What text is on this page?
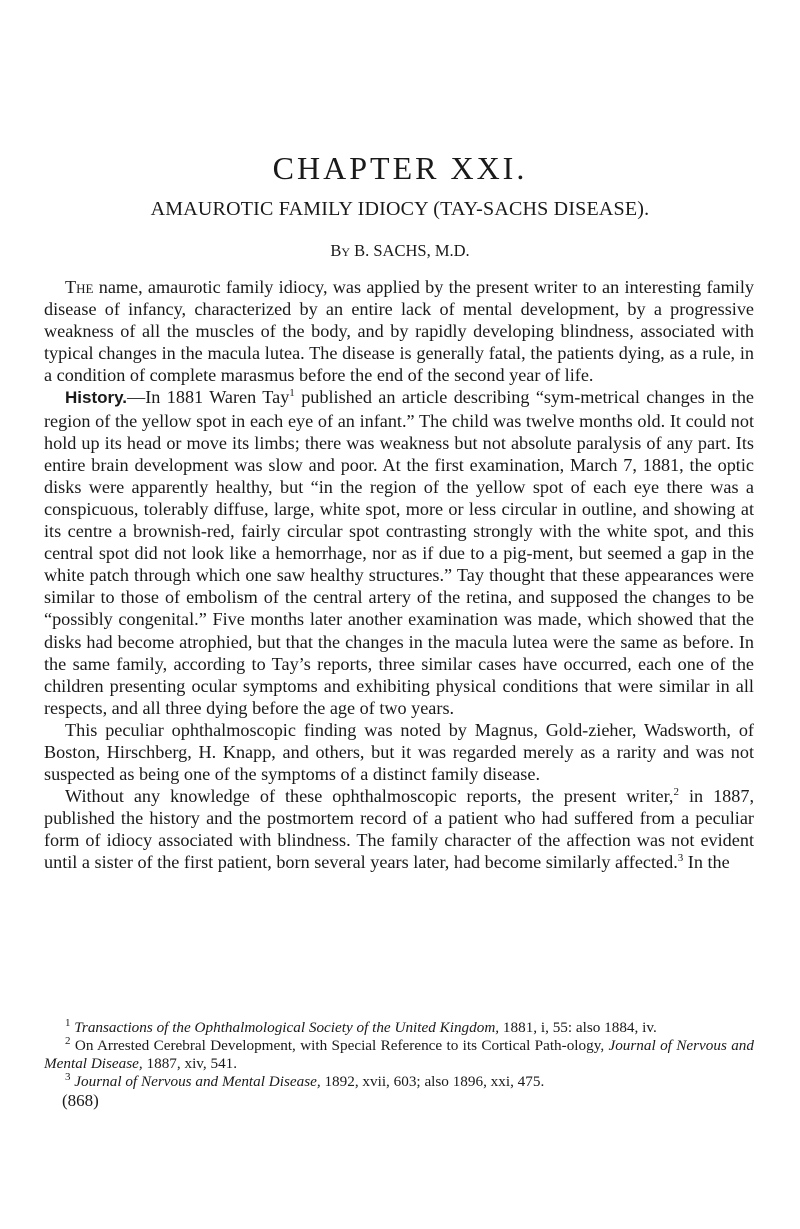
CHAPTER XXI.
AMAUROTIC FAMILY IDIOCY (TAY-SACHS DISEASE).
By B. SACHS, M.D.

The name, amaurotic family idiocy, was applied by the present writer to an interesting family disease of infancy, characterized by an entire lack of mental development, by a progressive weakness of all the muscles of the body, and by rapidly developing blindness, associated with typical changes in the macula lutea. The disease is generally fatal, the patients dying, as a rule, in a condition of complete marasmus before the end of the second year of life.

History.—In 1881 Waren Tay$^1$ published an article describing “sym-metrical changes in the region of the yellow spot in each eye of an infant.” The child was twelve months old. It could not hold up its head or move its limbs; there was weakness but not absolute paralysis of any part. Its entire brain development was slow and poor. At the first examination, March 7, 1881, the optic disks were apparently healthy, but “in the region of the yellow spot of each eye there was a conspicuous, tolerably diffuse, large, white spot, more or less circular in outline, and showing at its centre a brownish-red, fairly circular spot contrasting strongly with the white spot, and this central spot did not look like a hemorrhage, nor as if due to a pig-ment, but seemed a gap in the white patch through which one saw healthy structures.” Tay thought that these appearances were similar to those of embolism of the central artery of the retina, and supposed the changes to be “possibly congenital.” Five months later another examination was made, which showed that the disks had become atrophied, but that the changes in the macula lutea were the same as before. In the same family, according to Tay’s reports, three similar cases have occurred, each one of the children presenting ocular symptoms and exhibiting physical conditions that were similar in all respects, and all three dying before the age of two years.

This peculiar ophthalmoscopic finding was noted by Magnus, Gold-zieher, Wadsworth, of Boston, Hirschberg, H. Knapp, and others, but it was regarded merely as a rarity and was not suspected as being one of the symptoms of a distinct family disease.

Without any knowledge of these ophthalmoscopic reports, the present writer,$^2$ in 1887, published the history and the postmortem record of a patient who had suffered from a peculiar form of idiocy associated with blindness. The family character of the affection was not evident until a sister of the first patient, born several years later, had become similarly affected.$^3$ In the

$^1$ Transactions of the Ophthalmological Society of the United Kingdom, 1881, i, 55: also 1884, iv.

$^2$ On Arrested Cerebral Development, with Special Reference to its Cortical Path-ology, Journal of Nervous and Mental Disease, 1887, xiv, 541.

$^3$ Journal of Nervous and Mental Disease, 1892, xvii, 603; also 1896, xxi, 475.

(868)
